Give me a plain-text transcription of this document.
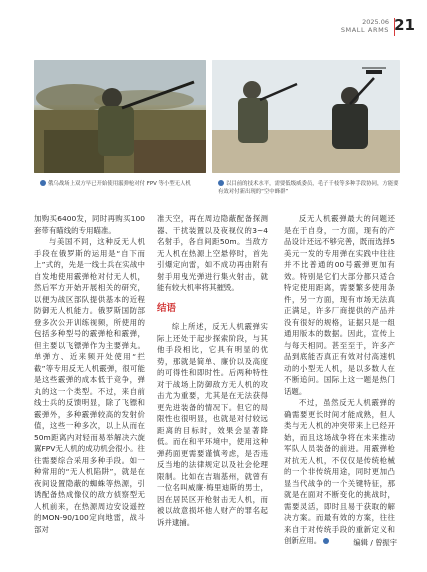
2025.06
SMALL ARMS 21
俄乌战场上双方早已开始使用霰弹枪对付 FPV 等小型无人机	以目前的技术水平，需要低级威委员，毛子千枝等多种手段协同，方能要有效对付新出现的“空中蜂群”

加购买6400发，同时再购买100套带有瞄线的专用瞄准。

与美国不同，这种反无人机手段在俄罗斯的运用是“自下而上”式的，先是一线士兵在实战中自发地使用霰弹枪对付无人机，然后军方开始开展相关的研究，以便为战区部队提供基本的近程防御无人机能力。俄罗斯国防部登多次公开训练视频，所使用的包括多种型号的霰弹枪和霰弹，但主要以飞镖弹作为主要弹丸。单弹方、近来频开处使用“拦截”等专用反无人机霰弹，很可能是这些霰弹的成本低于竞争，弹丸的这一个类型。不过，来自前线士兵的反馈明显，除了飞镖和霰弹外，多种霰弹较高的发射价值，这些一种多次，以上从而在50m距离内对轻而易举解决六旋翼FPV无人机的成功机会很小。往往需要综合采用多种手段。如一种常用的“无人机陷阱”，就是在夜间设置隐蔽的蜘蛛等热源，引诱配备热成像仪的敌方侦察型无人机前来，在热源周边安设遥控的MON-90/100定向地雷，战斗部对

准天空，再在周边隐蔽配备探测器、干扰装置以及夜视仪的3~4名射手，各自间距50m。当敌方无人机在热源上空悬停时，首先引爆定向雷，如不成功再由附有射手用曳光弹进行集火射击，就能有较大机率将其摧毁。

结语

综上所述，反无人机霰弹实际上还处于起步探索阶段，与其他手段相比，它具有明显的优势，那就是简单、廉价以及高度的可得性和即时性。后两种特性对于战场上防御敌方无人机的攻击尤为重要，尤其是在无法获得更先进装备的情况下。但它的局限性也很明显，也就是对付较远距离的目标时，效果会显著降低。而在和平环境中，使用这种弹药面更需要谨慎考虑，是否违反当地的法律规定以及社会伦理限制。比如在吉瑞基州，就曾有一位名叫威廉·梅里迪斯的男士，因在居民区开枪射击无人机，而被以故意损坏他人财产的罪名起诉并逮捕。

反无人机霰弹最大的问题还是在于自身，一方面，现有的产品设计还远不够完善，既而选择5美元一发的专用弹在实践中往往并不比普通的00号霰弹更加有效。特别是它们大部分都只适合特定使用距离，需要繁多使用条件，另一方面，现有市场无法真正满足，许多厂商提供的产品并没有很好的规格，证据只是一组通用版本的数据。因此，宣传上与每天相同。甚至至于，许多产品到底能否真正有效对付高速机动的小型无人机，是以多数人在不断追问。国际上这一题是热门话题。

不过，虽然反无人机霰弹的确需要更长时间才能成熟，但人类与无人机的冲突带来上已经开始，而且这场战争将在未来推动军队人员装备的前进。用霰弹枪对抗无人机，不仅仅是传统枪械的一个非传统用途，同时更加凸显当代战争的一个关键特征，那就是在面对不断变化的挑战时，需要灵活，即时且易于获取的解决方案。而最有效的方案，往往来自于对传统手段的重新定义和创新应用。	编辑 / 曾振宇
